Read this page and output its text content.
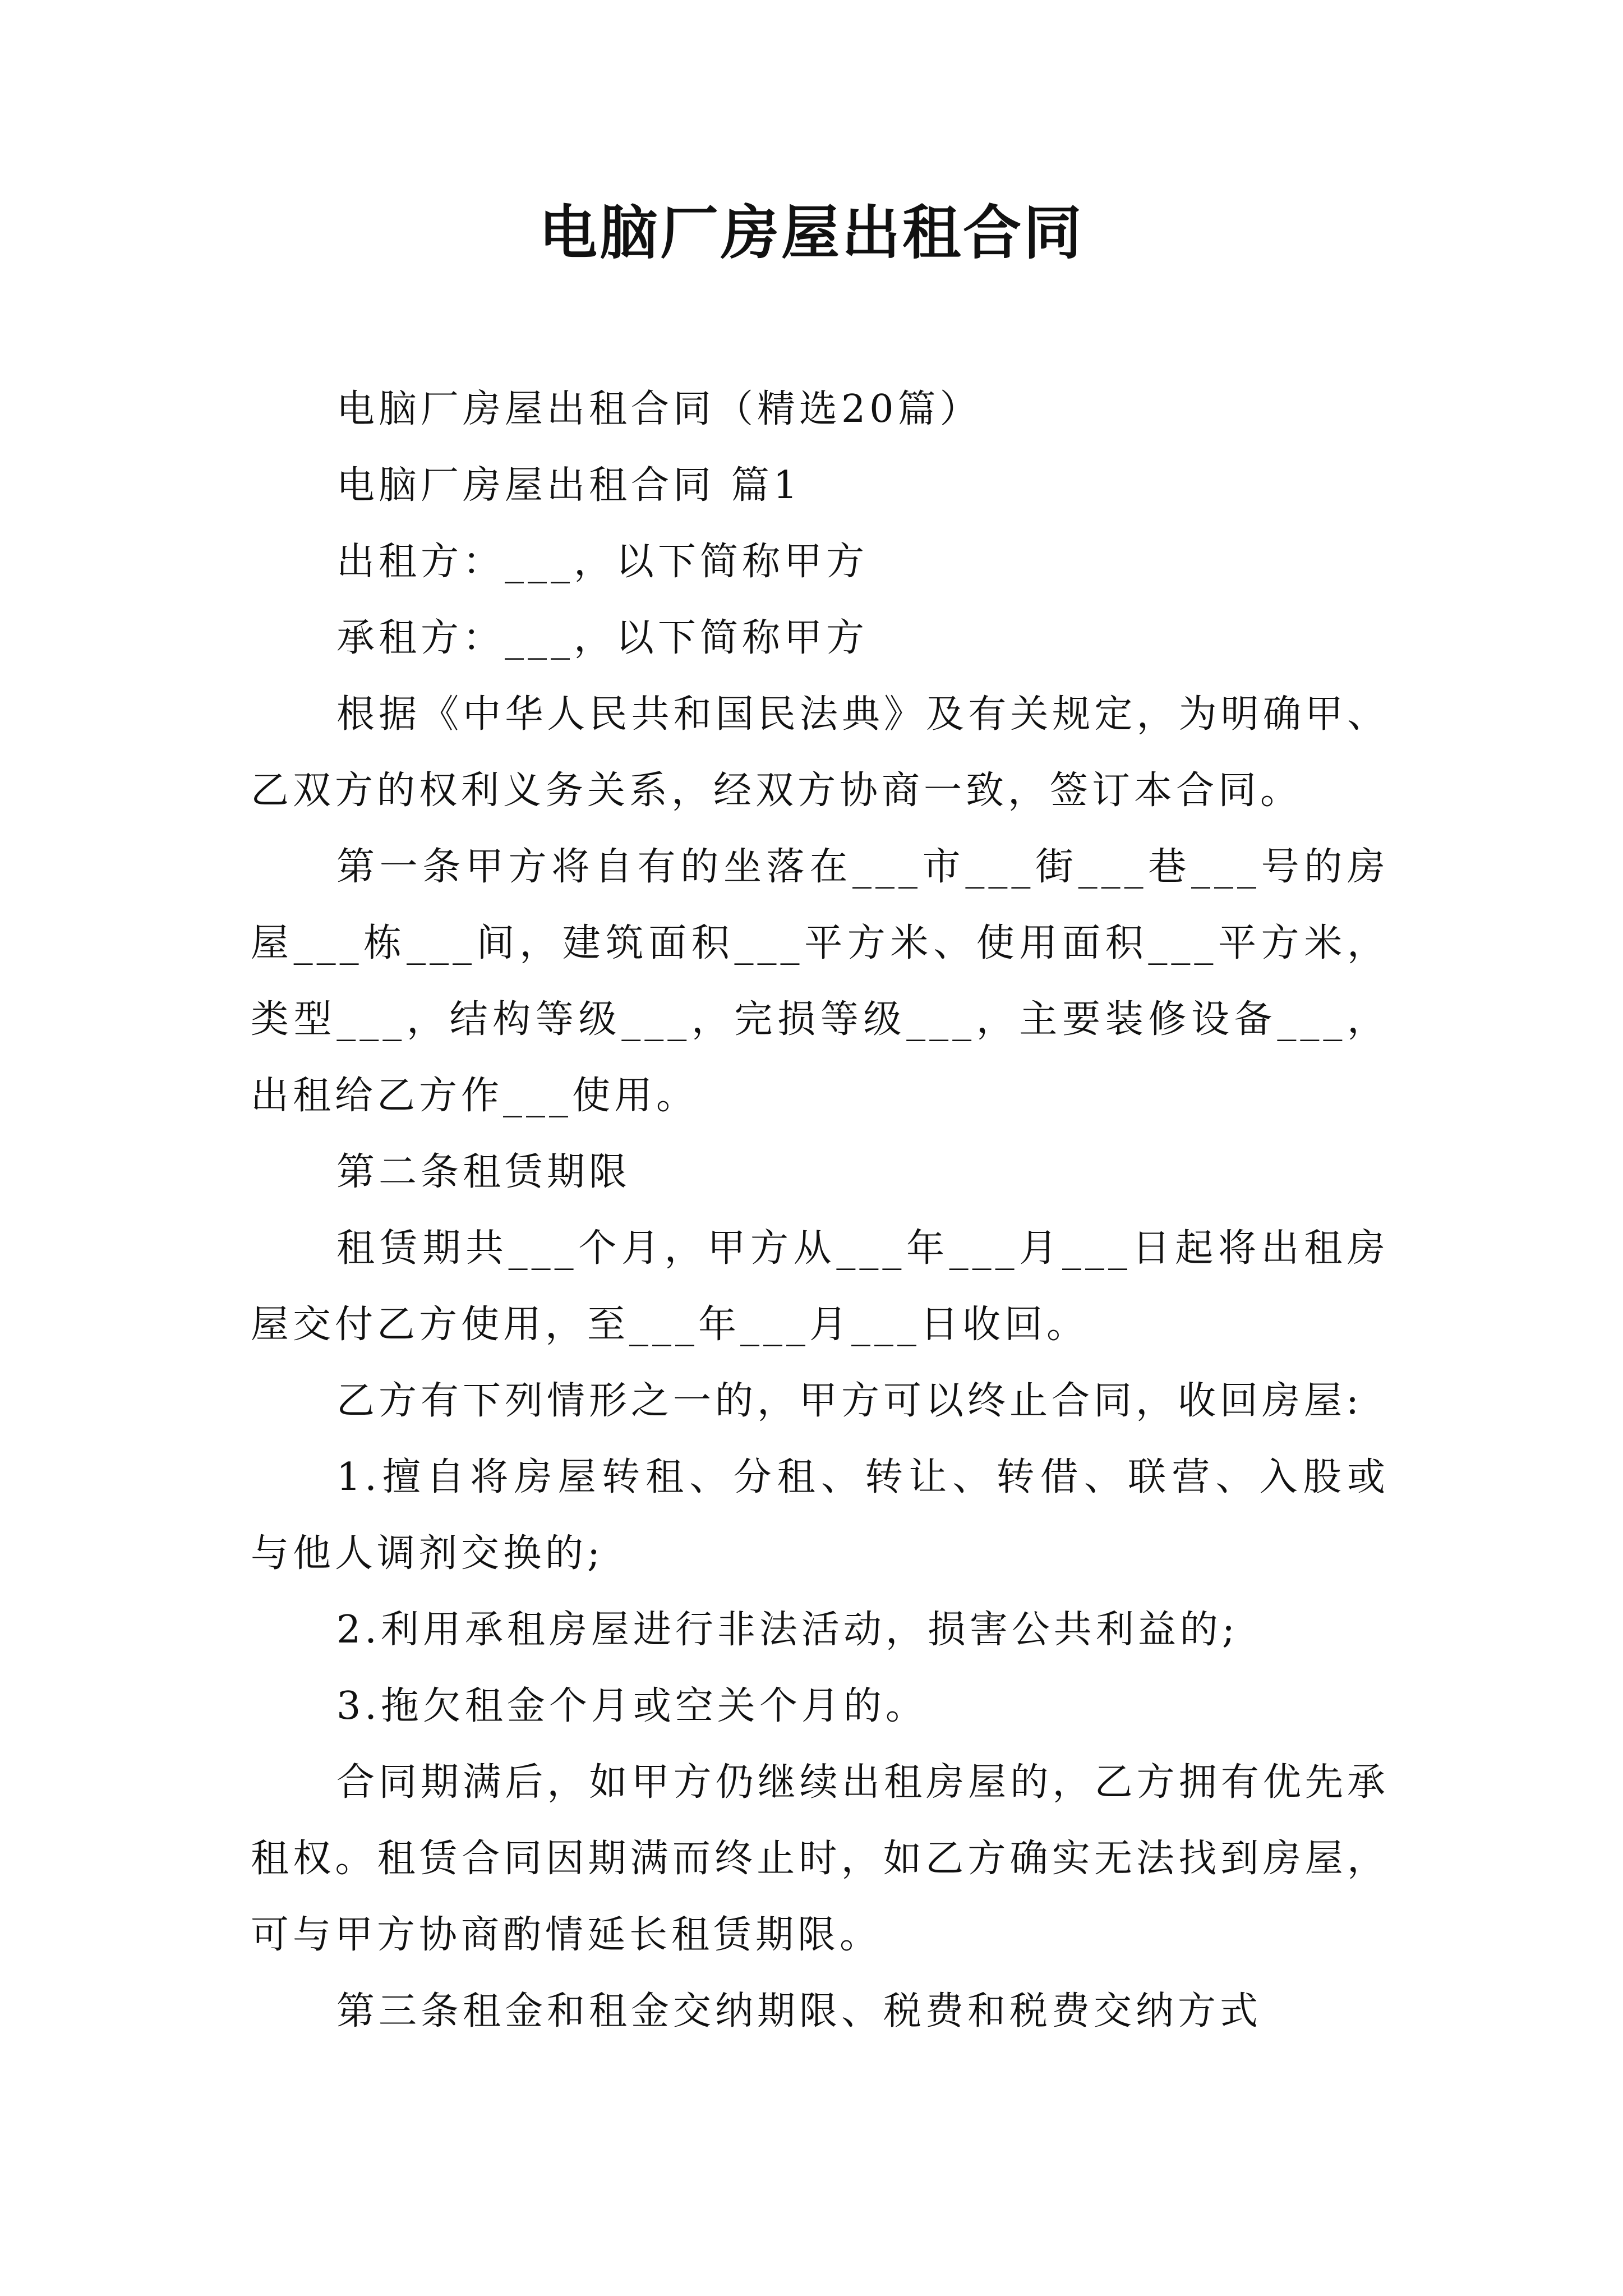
电脑厂房屋出租合同

电脑厂房屋出租合同（精选20篇）

电脑厂房屋出租合同 篇1

出租方：___，以下简称甲方

承租方：___，以下简称甲方

根据《中华人民共和国民法典》及有关规定，为明确甲、乙双方的权利义务关系，经双方协商一致，签订本合同。

第一条甲方将自有的坐落在___市___街___巷___号的房屋___栋___间，建筑面积___平方米、使用面积___平方米，类型___，结构等级___，完损等级___，主要装修设备___，出租给乙方作___使用。

第二条租赁期限

租赁期共___个月，甲方从___年___月___日起将出租房屋交付乙方使用，至___年___月___日收回。

乙方有下列情形之一的，甲方可以终止合同，收回房屋:

1.擅自将房屋转租、分租、转让、转借、联营、入股或与他人调剂交换的;

2.利用承租房屋进行非法活动，损害公共利益的;

3.拖欠租金个月或空关个月的。

合同期满后，如甲方仍继续出租房屋的，乙方拥有优先承租权。租赁合同因期满而终止时，如乙方确实无法找到房屋，可与甲方协商酌情延长租赁期限。

第三条租金和租金交纳期限、税费和税费交纳方式
